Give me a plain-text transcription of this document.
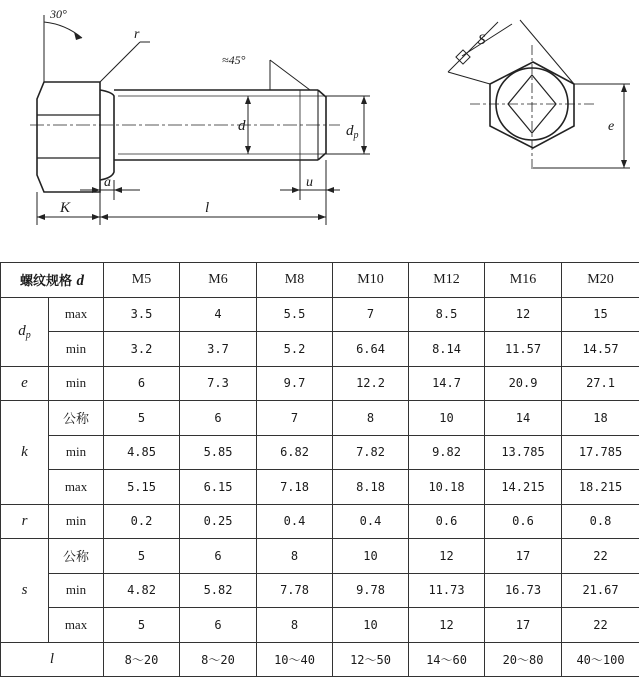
30°
r
≈45°
d	$d_p$
a	u
K	l
S
e
螺纹规格 d		M5	M6	M8	M10	M12	M16	M20
$d_p$	max	3.5	4	5.5	7	8.5	12	15
	min	3.2	3.7	5.2	6.64	8.14	11.57	14.57
e	min	6	7.3	9.7	12.2	14.7	20.9	27.1
k	公称	5	6	7	8	10	14	18
	min	4.85	5.85	6.82	7.82	9.82	13.785	17.785
	max	5.15	6.15	7.18	8.18	10.18	14.215	18.215
r	min	0.2	0.25	0.4	0.4	0.6	0.6	0.8
s	公称	5	6	8	10	12	17	22
	min	4.82	5.82	7.78	9.78	11.73	16.73	21.67
	max	5	6	8	10	12	17	22
l		8～20	8～20	10～40	12～50	14～60	20～80	40～100
